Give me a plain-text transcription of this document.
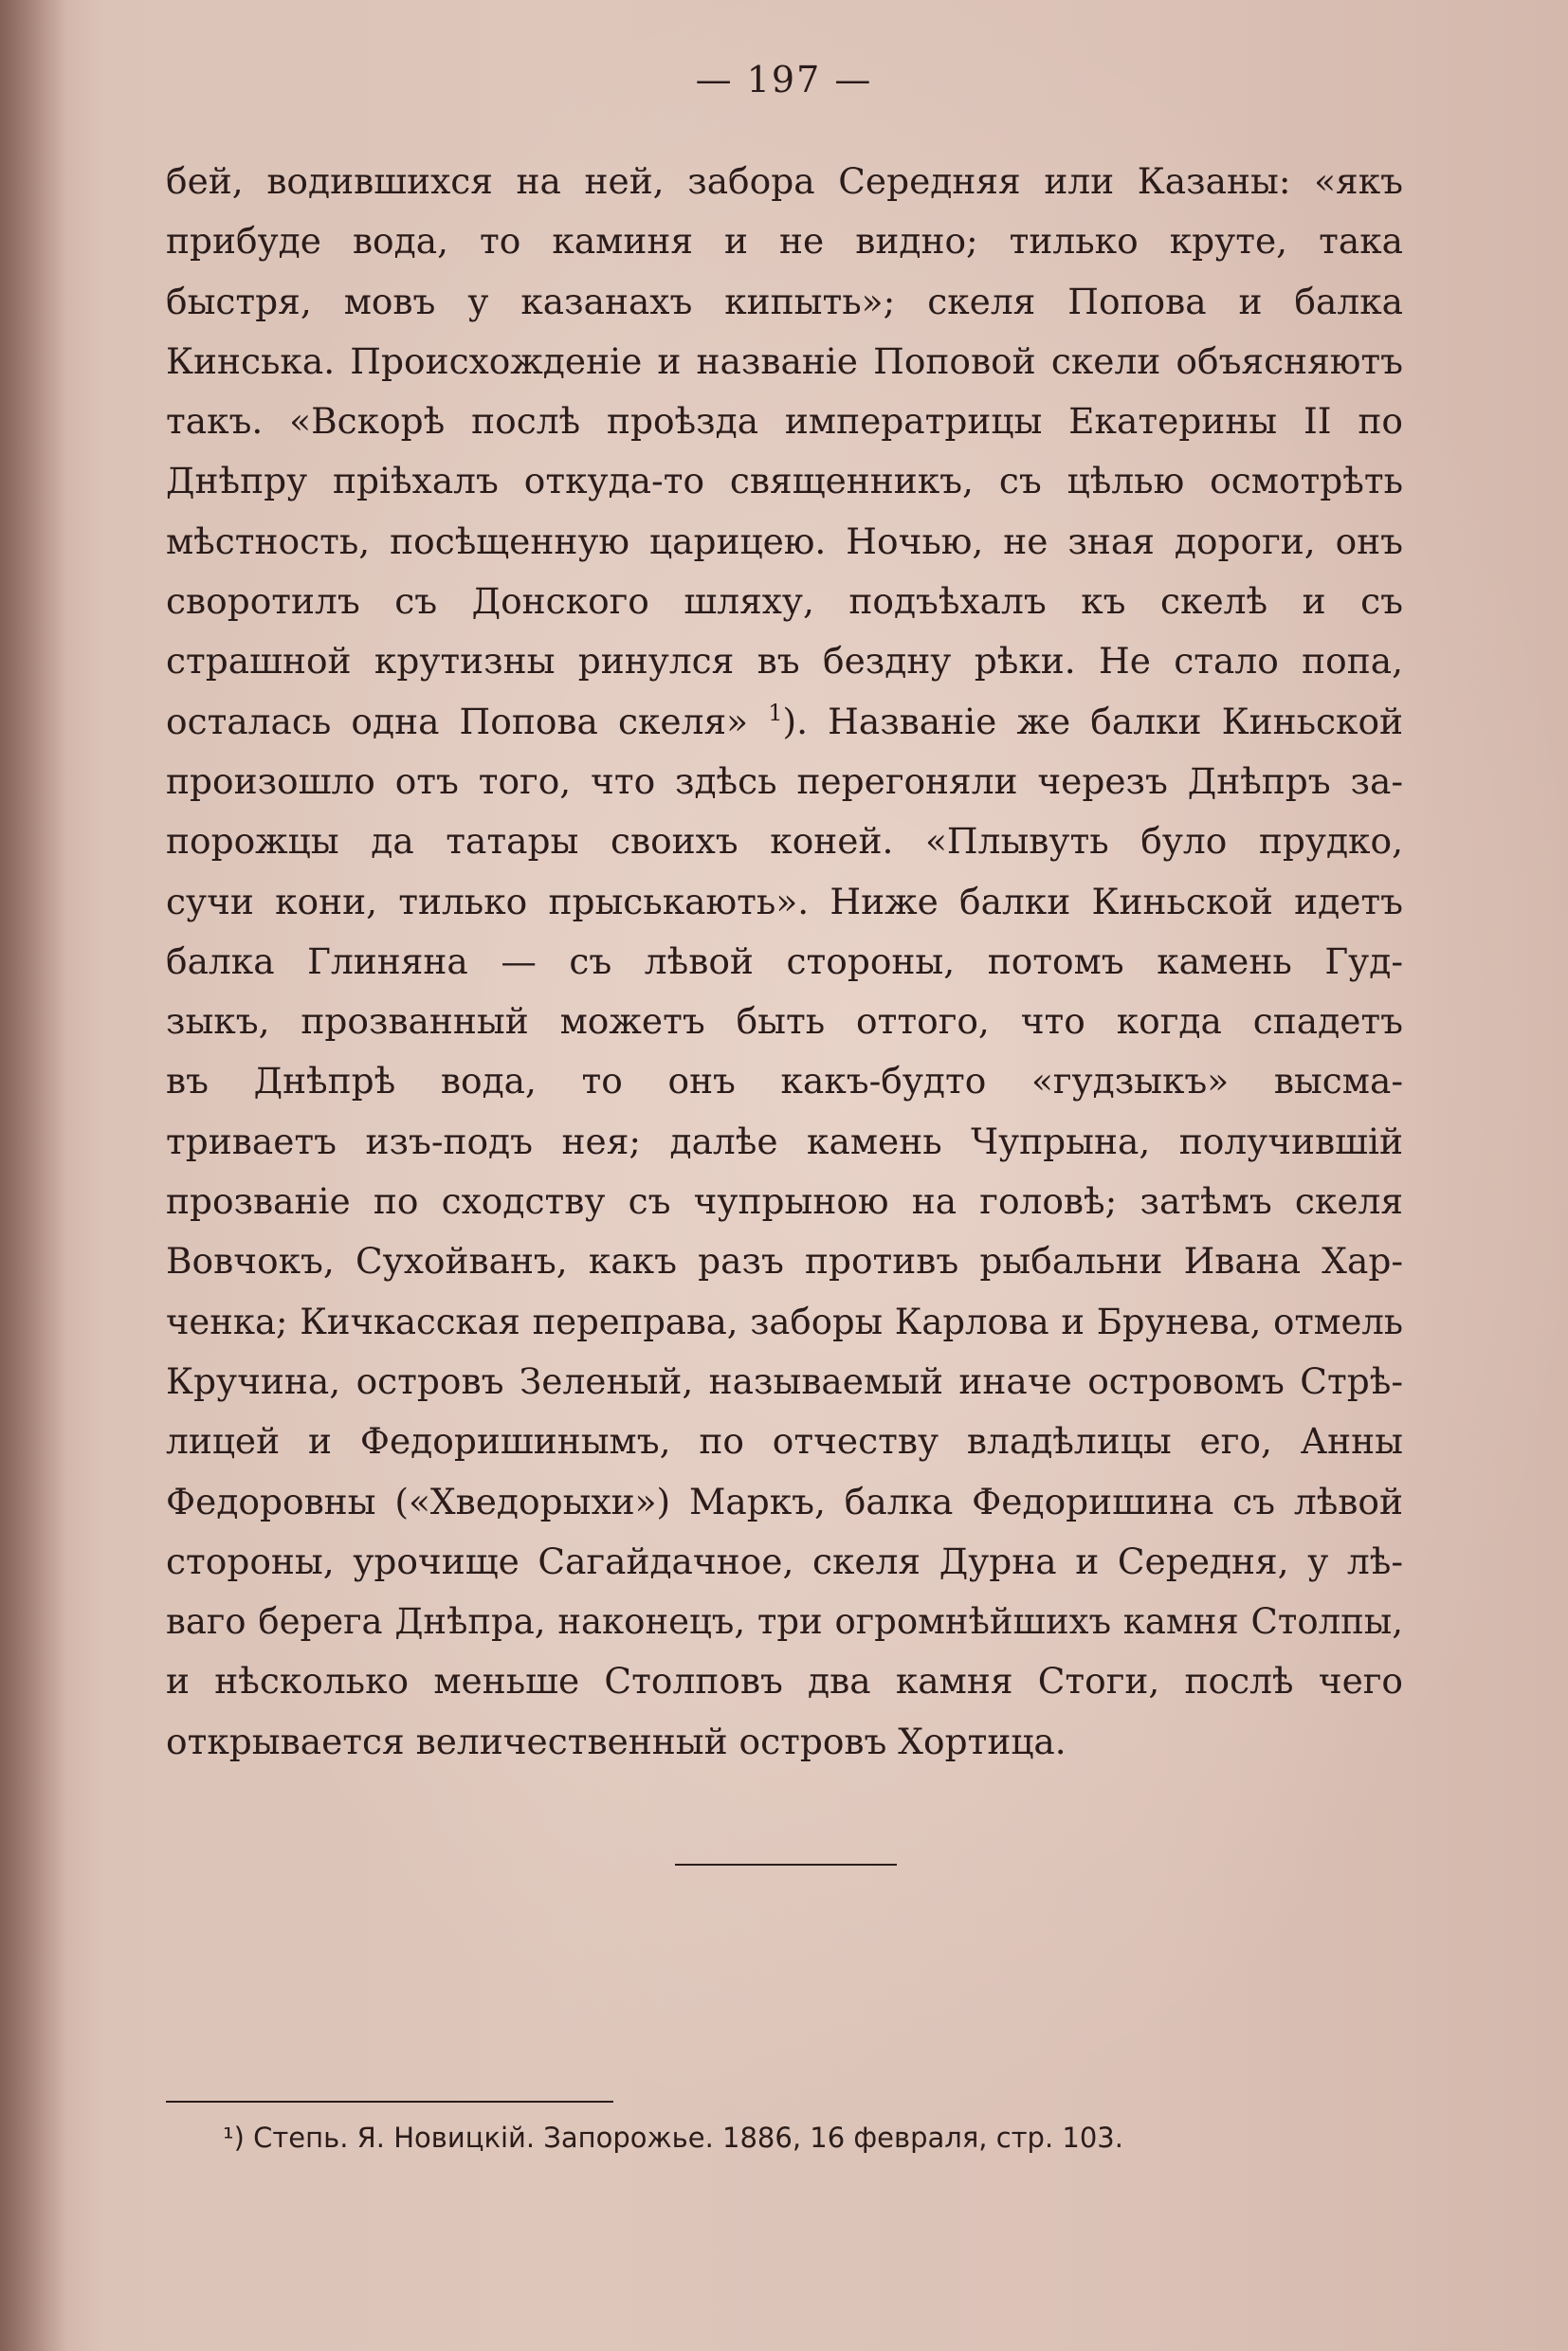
— 197 —
бей, водившихся на ней, забора Середняя или Казаны: «якъ
прибуде вода, то каминя и не видно; тилько круте, така
быстря, мовъ у казанахъ кипыть»; скеля Попова и балка
Кинська. Происхожденіе и названіе Поповой скели объясняютъ
такъ. «Вскорѣ послѣ проѣзда императрицы Екатерины II по
Днѣпру пріѣхалъ откуда-то священникъ, съ цѣлью осмотрѣть
мѣстность, посѣщенную царицею. Ночью, не зная дороги, онъ
своротилъ съ Донского шляху, подъѣхалъ къ скелѣ и съ
страшной крутизны ринулся въ бездну рѣки. Не стало попа,
осталась одна Попова скеля» $^1$). Названіе же балки Киньской
произошло отъ того, что здѣсь перегоняли черезъ Днѣпръ за-
порожцы да татары своихъ коней. «Плывуть було прудко,
сучи кони, тилько прыськають». Ниже балки Киньской идетъ
балка Глиняна — съ лѣвой стороны, потомъ камень Гуд-
зыкъ, прозванный можетъ быть оттого, что когда спадетъ
въ Днѣпрѣ вода, то онъ какъ-будто «гудзыкъ» высма-
триваетъ изъ-подъ нея; далѣе камень Чупрына, получившій
прозваніе по сходству съ чупрыною на головѣ; затѣмъ скеля
Вовчокъ, Сухойванъ, какъ разъ противъ рыбальни Ивана Хар-
ченка; Кичкасская переправа, заборы Карлова и Брунева, отмель
Кручина, островъ Зеленый, называемый иначе островомъ Стрѣ-
лицей и Федоришинымъ, по отчеству владѣлицы его, Анны
Федоровны («Хведорыхи») Маркъ, балка Федоришина съ лѣвой
стороны, урочище Сагайдачное, скеля Дурна и Середня, у лѣ-
ваго берега Днѣпра, наконецъ, три огромнѣйшихъ камня Столпы,
и нѣсколько меньше Столповъ два камня Стоги, послѣ чего
открывается величественный островъ Хортица.
¹) Степь. Я. Новицкій. Запорожье. 1886, 16 февраля, стр. 103.
